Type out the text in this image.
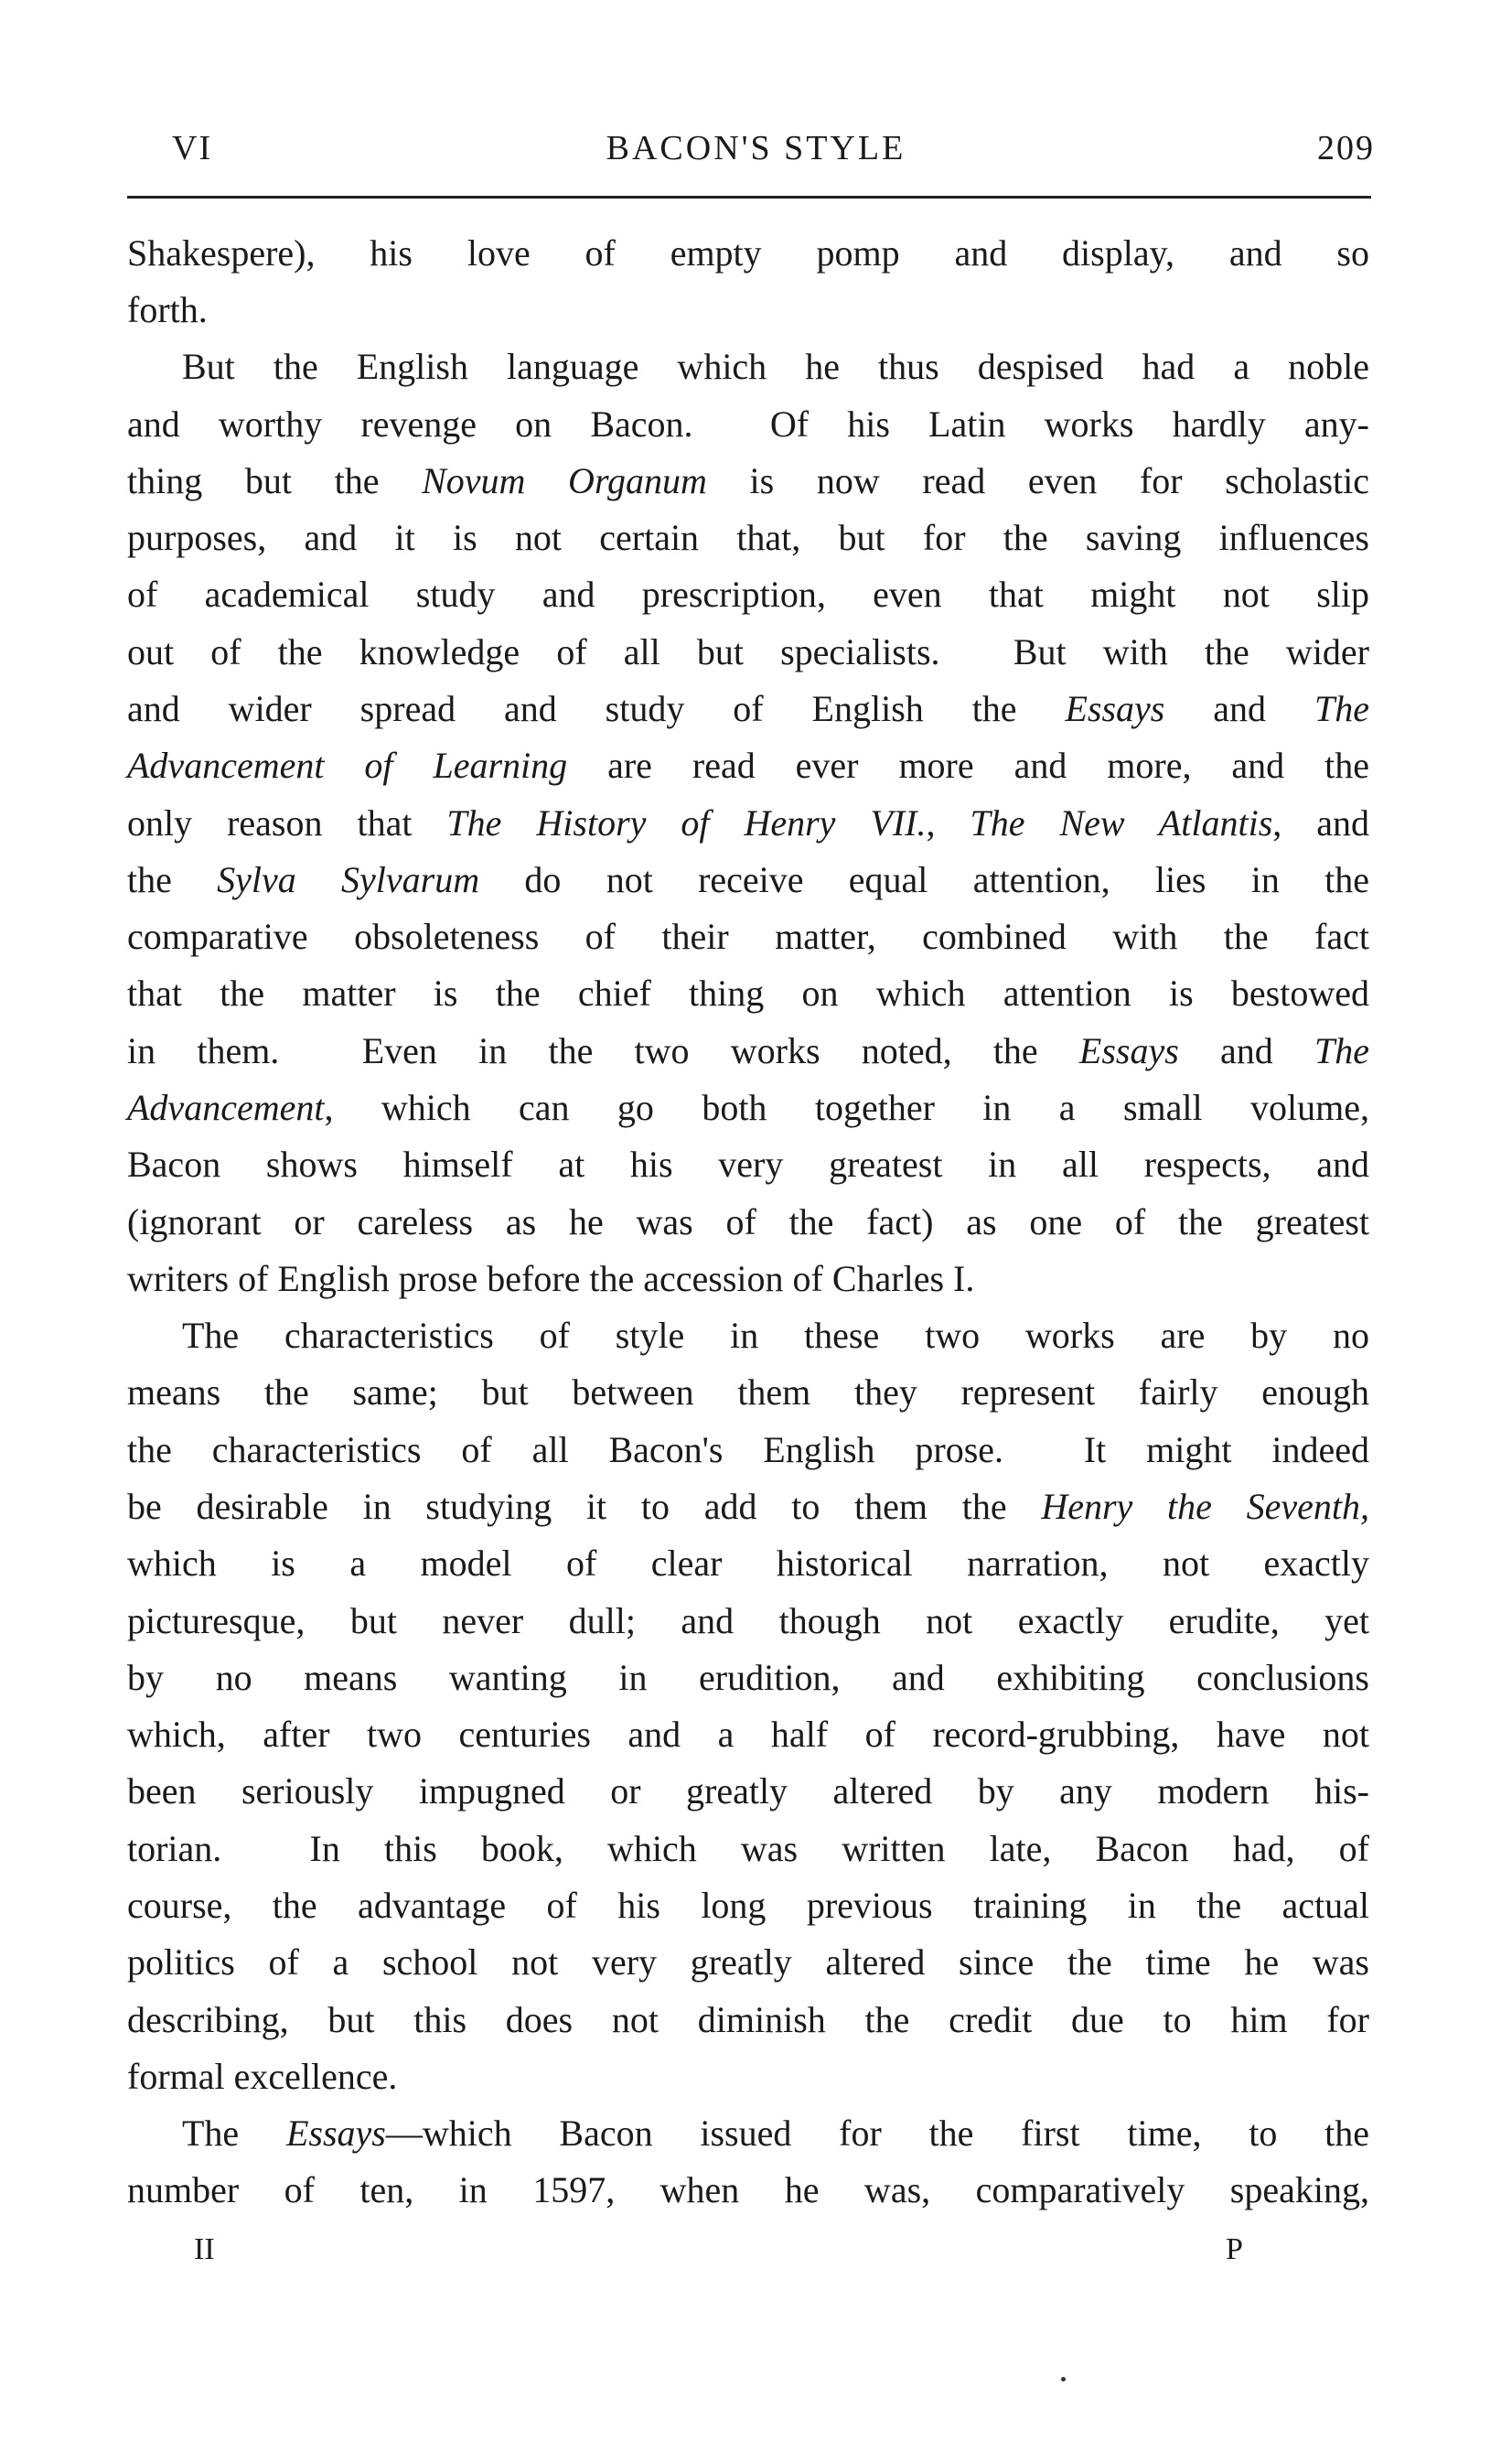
VI	BACON'S STYLE	209
Shakespere), his love of empty pomp and display, and so
forth.
But the English language which he thus despised had a noble
and worthy revenge on Bacon.  Of his Latin works hardly any-
thing but the Novum Organum is now read even for scholastic
purposes, and it is not certain that, but for the saving influences
of academical study and prescription, even that might not slip
out of the knowledge of all but specialists.  But with the wider
and wider spread and study of English the Essays and The
Advancement of Learning are read ever more and more, and the
only reason that The History of Henry VII., The New Atlantis, and
the Sylva Sylvarum do not receive equal attention, lies in the
comparative obsoleteness of their matter, combined with the fact
that the matter is the chief thing on which attention is bestowed
in them.  Even in the two works noted, the Essays and The
Advancement, which can go both together in a small volume,
Bacon shows himself at his very greatest in all respects, and
(ignorant or careless as he was of the fact) as one of the greatest
writers of English prose before the accession of Charles I.
The characteristics of style in these two works are by no
means the same; but between them they represent fairly enough
the characteristics of all Bacon's English prose.  It might indeed
be desirable in studying it to add to them the Henry the Seventh,
which is a model of clear historical narration, not exactly
picturesque, but never dull; and though not exactly erudite, yet
by no means wanting in erudition, and exhibiting conclusions
which, after two centuries and a half of record-grubbing, have not
been seriously impugned or greatly altered by any modern his-
torian.  In this book, which was written late, Bacon had, of
course, the advantage of his long previous training in the actual
politics of a school not very greatly altered since the time he was
describing, but this does not diminish the credit due to him for
formal excellence.
The Essays—which Bacon issued for the first time, to the
number of ten, in 1597, when he was, comparatively speaking,
II	P
